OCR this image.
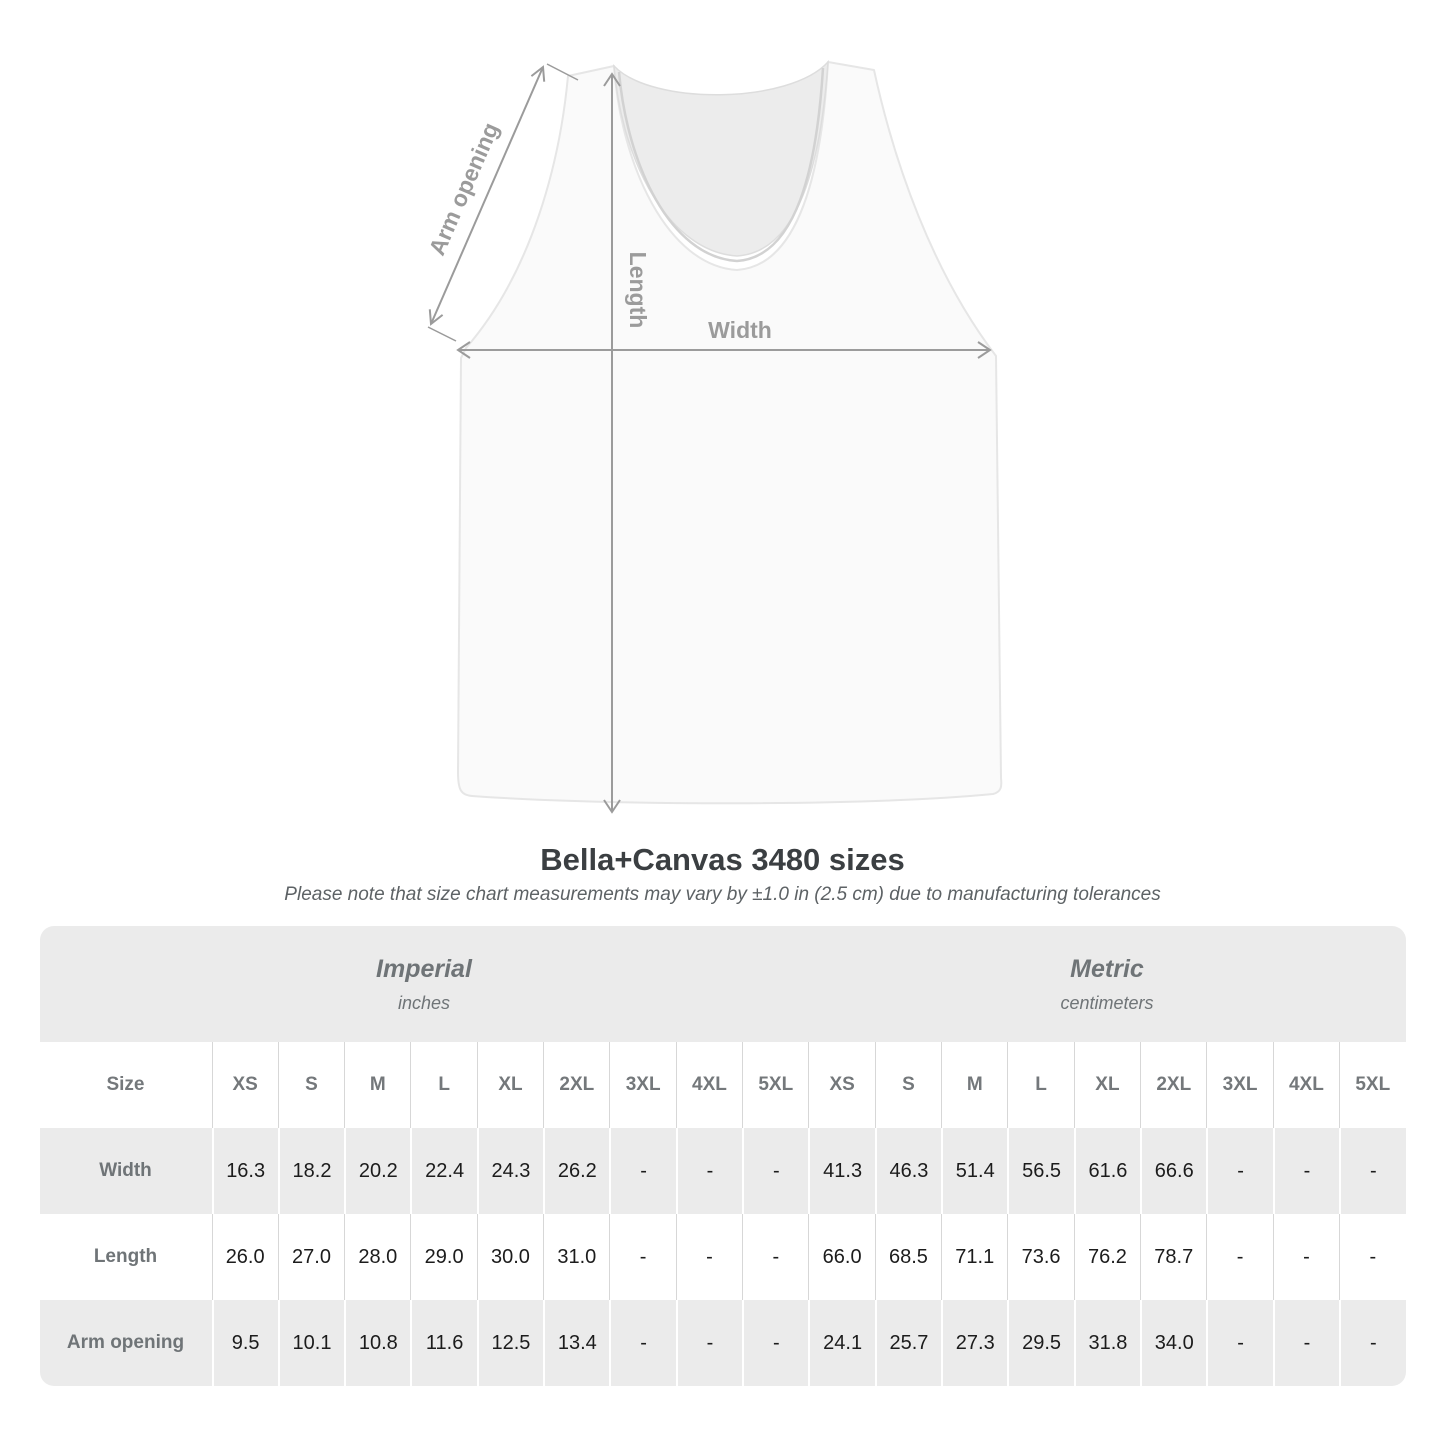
Arm opening
Length
Width
Bella+Canvas 3480 sizes
Please note that size chart measurements may vary by ±1.0 in (2.5 cm) due to manufacturing tolerances
Imperial
inches

Metric
centimeters

Size	XS	S	M	L	XL	2XL	3XL	4XL	5XL	XS	S	M	L	XL	2XL	3XL	4XL	5XL
Width	16.3	18.2	20.2	22.4	24.3	26.2	-	-	-	41.3	46.3	51.4	56.5	61.6	66.6	-	-	-
Length	26.0	27.0	28.0	29.0	30.0	31.0	-	-	-	66.0	68.5	71.1	73.6	76.2	78.7	-	-	-
Arm opening	9.5	10.1	10.8	11.6	12.5	13.4	-	-	-	24.1	25.7	27.3	29.5	31.8	34.0	-	-	-
